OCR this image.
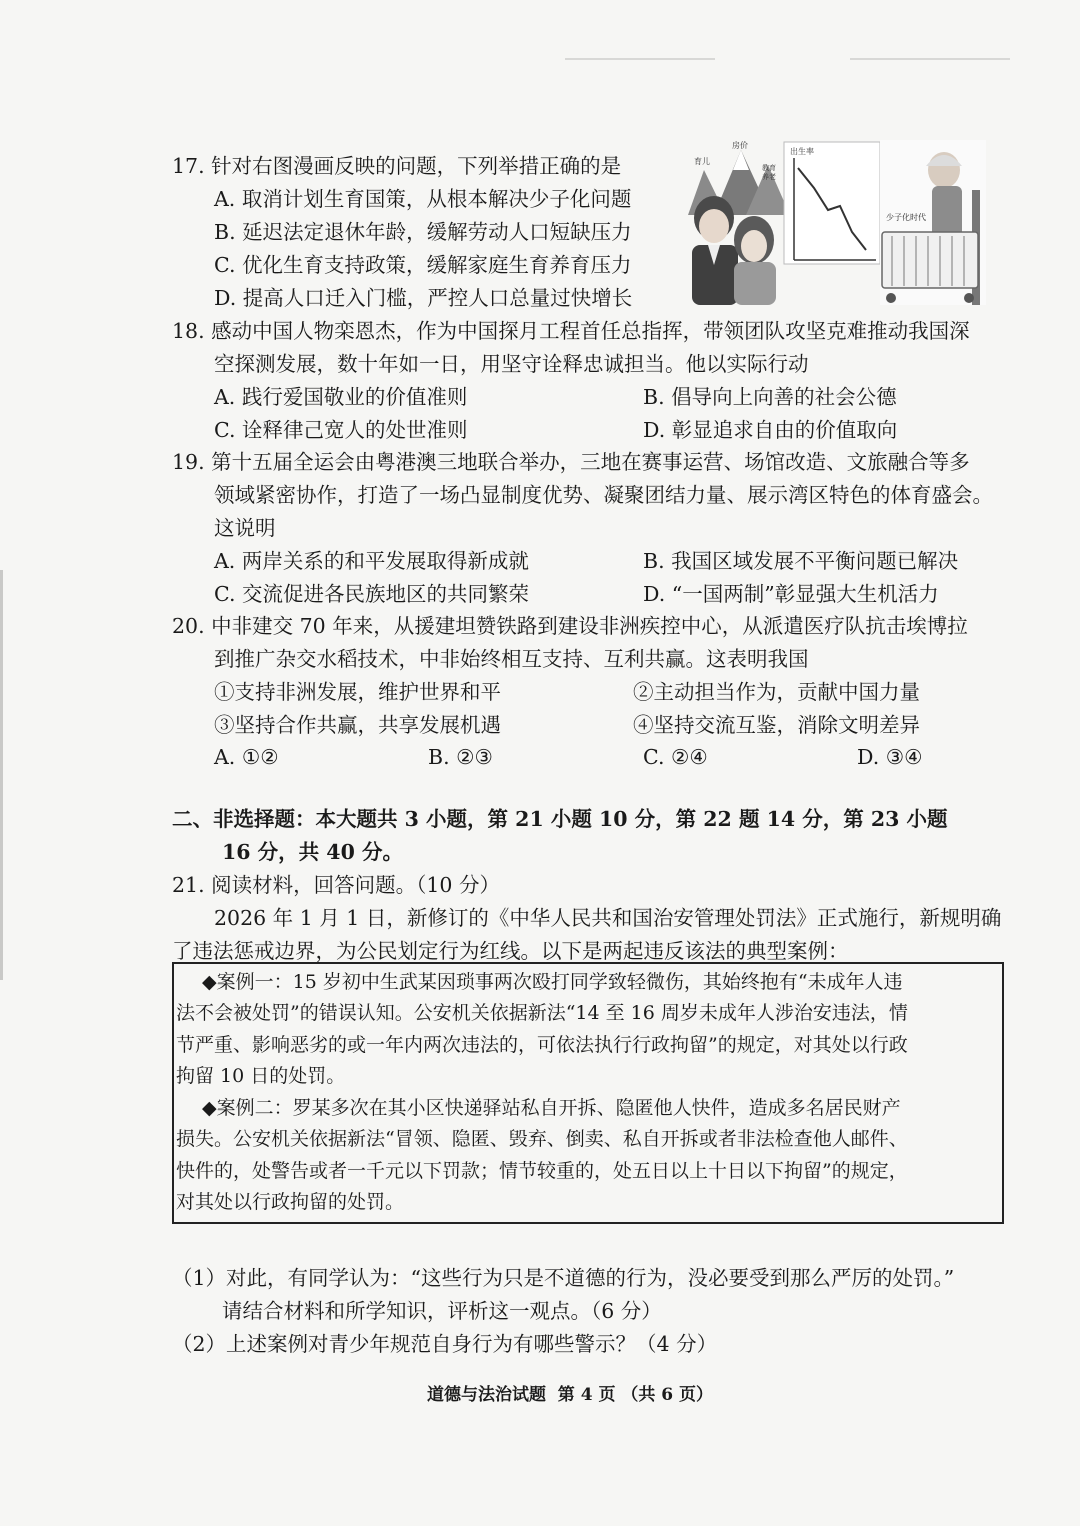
17. 针对右图漫画反映的问题，下列举措正确的是
A. 取消计划生育国策，从根本解决少子化问题
B. 延迟法定退休年龄，缓解劳动人口短缺压力
C. 优化生育支持政策，缓解家庭生育养育压力
D. 提高人口迁入门槛，严控人口总量过快增长
育儿
房价
教育
养老
出生率
少子化时代
18. 感动中国人物栾恩杰，作为中国探月工程首任总指挥，带领团队攻坚克难推动我国深
空探测发展，数十年如一日，用坚守诠释忠诚担当。他以实际行动
A. 践行爱国敬业的价值准则	B. 倡导向上向善的社会公德
C. 诠释律己宽人的处世准则	D. 彰显追求自由的价值取向
19. 第十五届全运会由粤港澳三地联合举办，三地在赛事运营、场馆改造、文旅融合等多
领域紧密协作，打造了一场凸显制度优势、凝聚团结力量、展示湾区特色的体育盛会。
这说明
A. 两岸关系的和平发展取得新成就	B. 我国区域发展不平衡问题已解决
C. 交流促进各民族地区的共同繁荣	D. “一国两制”彰显强大生机活力
20. 中非建交 70 年来，从援建坦赞铁路到建设非洲疾控中心，从派遣医疗队抗击埃博拉
到推广杂交水稻技术，中非始终相互支持、互利共赢。这表明我国
①支持非洲发展，维护世界和平	②主动担当作为，贡献中国力量
③坚持合作共赢，共享发展机遇	④坚持交流互鉴，消除文明差异
A. ①②	B. ②③	C. ②④	D. ③④
二、非选择题：本大题共 3 小题，第 21 小题 10 分，第 22 题 14 分，第 23 小题
16 分，共 40 分。
21. 阅读材料，回答问题。（10 分）
2026 年 1 月 1 日，新修订的《中华人民共和国治安管理处罚法》正式施行，新规明确
了违法惩戒边界，为公民划定行为红线。以下是两起违反该法的典型案例：
◆案例一：15 岁初中生武某因琐事两次殴打同学致轻微伤，其始终抱有“未成年人违
法不会被处罚”的错误认知。公安机关依据新法“14 至 16 周岁未成年人涉治安违法，情
节严重、影响恶劣的或一年内两次违法的，可依法执行行政拘留”的规定，对其处以行政
拘留 10 日的处罚。
◆案例二：罗某多次在其小区快递驿站私自开拆、隐匿他人快件，造成多名居民财产
损失。公安机关依据新法“冒领、隐匿、毁弃、倒卖、私自开拆或者非法检查他人邮件、
快件的，处警告或者一千元以下罚款；情节较重的，处五日以上十日以下拘留”的规定，
对其处以行政拘留的处罚。
（1）对此，有同学认为：“这些行为只是不道德的行为，没必要受到那么严厉的处罚。”
请结合材料和所学知识，评析这一观点。（6 分）
（2）上述案例对青少年规范自身行为有哪些警示？（4 分）
道德与法治试题  第 4 页 （共 6 页）
